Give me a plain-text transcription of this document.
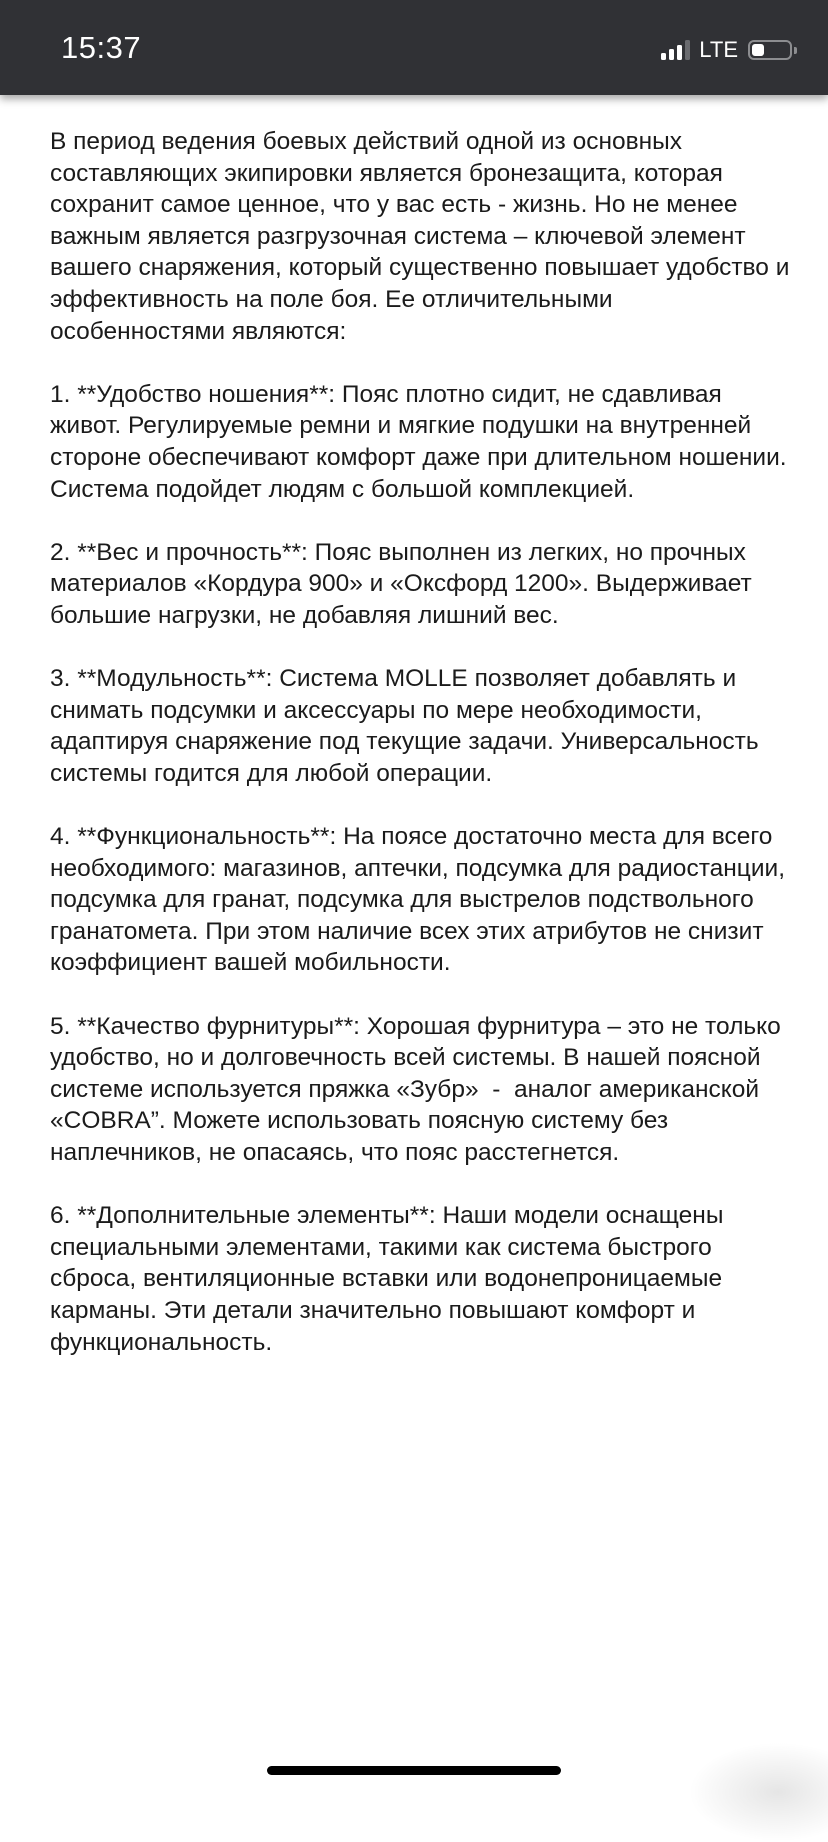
15:37	LTE

В период ведения боевых действий одной из основных составляющих экипировки является бронезащита, которая сохранит самое ценное, что у вас есть - жизнь. Но не менее важным является разгрузочная система – ключевой элемент вашего снаряжения, который существенно повышает удобство и эффективность на поле боя. Ее отличительными особенностями являются:

1. **Удобство ношения**: Пояс плотно сидит, не сдавливая живот. Регулируемые ремни и мягкие подушки на внутренней стороне обеспечивают комфорт даже при длительном ношении. Система подойдет людям с большой комплекцией.

2. **Вес и прочность**: Пояс выполнен из легких, но прочных материалов «Кордура 900» и «Оксфорд 1200». Выдерживает  большие нагрузки, не добавляя лишний вес.

3. **Модульность**: Система MOLLE позволяет добавлять и снимать подсумки и аксессуары по мере необходимости, адаптируя снаряжение под текущие задачи. Универсальность системы годится для любой операции.

4. **Функциональность**: На поясе достаточно места для всего необходимого: магазинов, аптечки, подсумка для радиостанции, подсумка для гранат, подсумка для выстрелов подствольного гранатомета. При этом наличие всех этих атрибутов не снизит коэффициент вашей мобильности.

5. **Качество фурнитуры**: Хорошая фурнитура – это не только удобство, но и долговечность всей системы. В нашей поясной системе используется пряжка «Зубр»  -  аналог американской «COBRA”. Можете использовать поясную систему без наплечников, не опасаясь, что пояс расстегнется.

6. **Дополнительные элементы**: Наши модели оснащены специальными элементами, такими как система быстрого сброса, вентиляционные вставки или водонепроницаемые карманы. Эти детали значительно повышают комфорт и функциональность.
